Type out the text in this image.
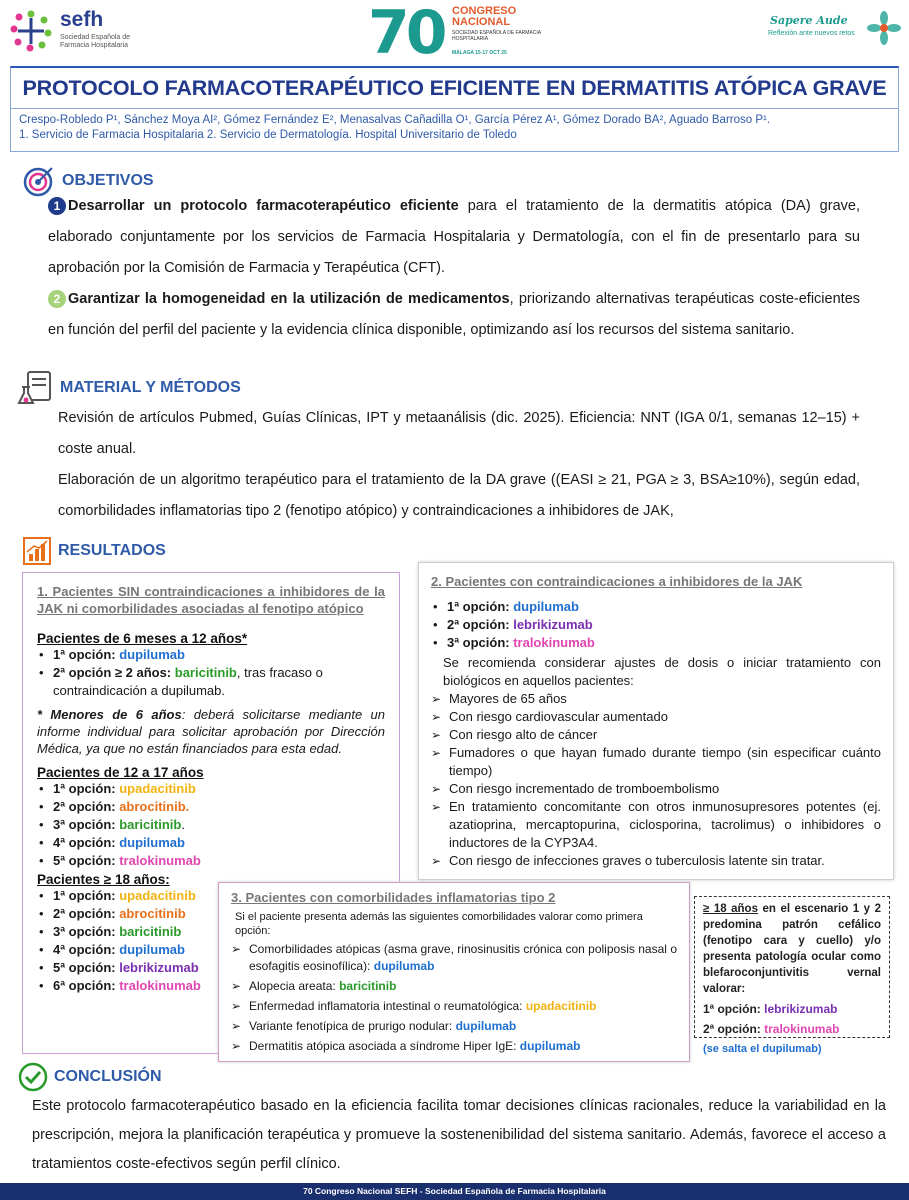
sefh
Sociedad Española de Farmacia Hospitalaria	70 CONGRESO
NACIONAL
SOCIEDAD ESPAÑOLA DE FARMACIA HOSPITALARIA
MÁLAGA 15-17 OCT 25
Sapere Aude
Reflexión ante nuevos retos
PROTOCOLO FARMACOTERAPÉUTICO EFICIENTE EN DERMATITIS ATÓPICA GRAVE
Crespo-Robledo P¹, Sánchez Moya AI², Gómez Fernández E², Menasalvas Cañadilla O¹, García Pérez A¹, Gómez Dorado BA², Aguado Barroso P¹.
1. Servicio de Farmacia Hospitalaria 2. Servicio de Dermatología. Hospital Universitario de Toledo
OBJETIVOS

1 Desarrollar un protocolo farmacoterapéutico eficiente para el tratamiento de la dermatitis atópica (DA) grave, elaborado conjuntamente por los servicios de Farmacia Hospitalaria y Dermatología, con el fin de presentarlo para su aprobación por la Comisión de Farmacia y Terapéutica (CFT).

2 Garantizar la homogeneidad en la utilización de medicamentos, priorizando alternativas terapéuticas coste-eficientes en función del perfil del paciente y la evidencia clínica disponible, optimizando así los recursos del sistema sanitario.

MATERIAL Y MÉTODOS

Revisión de artículos Pubmed, Guías Clínicas, IPT y metaanálisis (dic. 2025). Eficiencia: NNT (IGA 0/1, semanas 12–15) + coste anual.

Elaboración de un algoritmo terapéutico para el tratamiento de la DA grave ((EASI ≥ 21, PGA ≥ 3, BSA≥10%), según edad, comorbilidades inflamatorias tipo 2 (fenotipo atópico) y contraindicaciones a inhibidores de JAK,

RESULTADOS
1. Pacientes SIN contraindicaciones a inhibidores de la JAK ni comorbilidades asociadas al fenotipo atópico
Pacientes de 6 meses a 12 años*
• 1ª opción: dupilumab
• 2ª opción ≥ 2 años: baricitinib, tras fracaso o contraindicación a dupilumab.
* Menores de 6 años: deberá solicitarse mediante un informe individual para solicitar aprobación por Dirección Médica, ya que no están financiados para esta edad.
Pacientes de 12 a 17 años
• 1ª opción: upadacitinib
• 2ª opción: abrocitinib.
• 3ª opción: baricitinib.
• 4ª opción: dupilumab
• 5ª opción: tralokinumab
Pacientes ≥ 18 años:
• 1ª opción: upadacitinib
• 2ª opción: abrocitinib
• 3ª opción: baricitinib
• 4ª opción: dupilumab
• 5ª opción: lebrikizumab
• 6ª opción: tralokinumab
2. Pacientes con contraindicaciones a inhibidores de la JAK
• 1ª opción: dupilumab
• 2ª opción: lebrikizumab
• 3ª opción: tralokinumab
Se recomienda considerar ajustes de dosis o iniciar tratamiento con biológicos en aquellos pacientes:
➢ Mayores de 65 años
➢ Con riesgo cardiovascular aumentado
➢ Con riesgo alto de cáncer
➢ Fumadores o que hayan fumado durante tiempo (sin especificar cuánto tiempo)
➢ Con riesgo incrementado de tromboembolismo
➢ En tratamiento concomitante con otros inmunosupresores potentes (ej. azatioprina, mercaptopurina, ciclosporina, tacrolimus) o inhibidores o inductores de la CYP3A4.
➢ Con riesgo de infecciones graves o tuberculosis latente sin tratar.
3. Pacientes con comorbilidades inflamatorias tipo 2
Si el paciente presenta además las siguientes comorbilidades valorar como primera opción:
➢ Comorbilidades atópicas (asma grave, rinosinusitis crónica con poliposis nasal o esofagitis eosinofílica): dupilumab
➢ Alopecia areata: baricitinib
➢ Enfermedad inflamatoria intestinal o reumatológica: upadacitinib
➢ Variante fenotípica de prurigo nodular: dupilumab
➢ Dermatitis atópica asociada a síndrome Hiper IgE: dupilumab
≥ 18 años en el escenario 1 y 2 predomina patrón cefálico (fenotipo cara y cuello) y/o presenta patología ocular como blefaroconjuntivitis vernal valorar:
1ª opción: lebrikizumab
2ª opción: tralokinumab
(se salta el dupilumab)
CONCLUSIÓN

Este protocolo farmacoterapéutico basado en la eficiencia facilita tomar decisiones clínicas racionales, reduce la variabilidad en la prescripción, mejora la planificación terapéutica y promueve la sostenenibilidad del sistema sanitario. Además, favorece el acceso a tratamientos coste-efectivos según perfil clínico.

70 Congreso Nacional SEFH - Sociedad Española de Farmacia Hospitalaria
